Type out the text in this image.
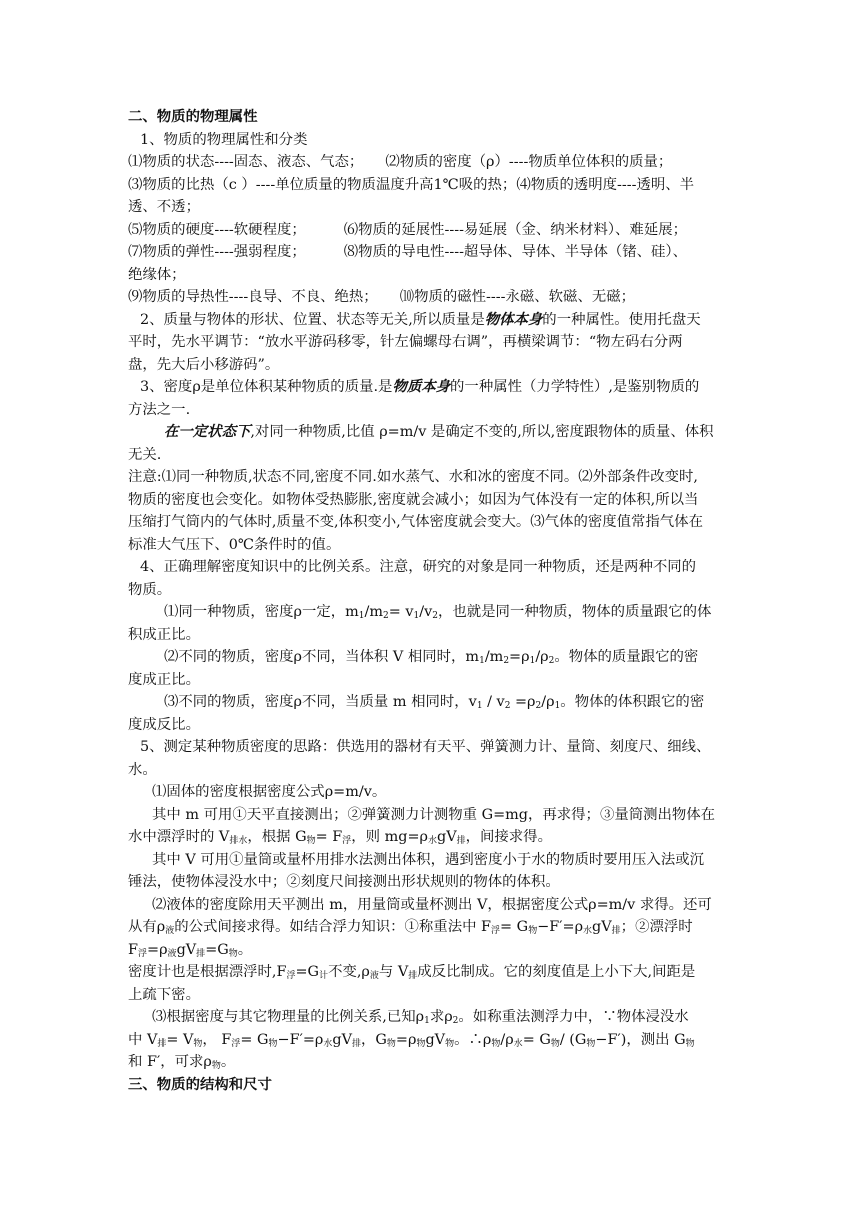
二、物质的物理属性
1、物质的物理属性和分类
⑴物质的状态----固态、液态、气态； ⑵物质的密度（ρ）----物质单位体积的质量；
⑶物质的比热（c ）----单位质量的物质温度升高1℃吸的热；⑷物质的透明度----透明、半
透、不透；
⑸物质的硬度----软硬程度；	⑹物质的延展性----易延展（金、纳米材料）、难延展；
⑺物质的弹性----强弱程度；	⑻物质的导电性----超导体、导体、半导体（锗、硅）、
绝缘体；
⑼物质的导热性----良导、不良、绝热； ⑽物质的磁性----永磁、软磁、无磁；
2、质量与物体的形状、位置、状态等无关,所以质量是物体本身的一种属性。使用托盘天
平时，先水平调节：“放水平游码移零，针左偏螺母右调”，再横梁调节：“物左码右分两
盘，先大后小移游码”。
3、密度ρ是单位体积某种物质的质量.是物质本身的一种属性（力学特性）,是鉴别物质的
方法之一.
在一定状态下,对同一种物质,比值 ρ=m/v 是确定不变的,所以,密度跟物体的质量、体积
无关.
注意:⑴同一种物质,状态不同,密度不同.如水蒸气、水和冰的密度不同。⑵外部条件改变时,
物质的密度也会变化。如物体受热膨胀,密度就会减小；如因为气体没有一定的体积,所以当
压缩打气筒内的气体时,质量不变,体积变小,气体密度就会变大。⑶气体的密度值常指气体在
标准大气压下、0℃条件时的值。
4、正确理解密度知识中的比例关系。注意，研究的对象是同一种物质，还是两种不同的
物质。
⑴同一种物质，密度ρ一定，$m_1/m_2= v_1/v_2$，也就是同一种物质，物体的质量跟它的体
积成正比。
⑵不同的物质，密度ρ不同，当体积 V 相同时，$m_1/m_2=\rho_1/\rho_2$。物体的质量跟它的密
度成正比。
⑶不同的物质，密度ρ不同，当质量 m 相同时，$v_1 / v_2 =\rho_2/\rho_1$。物体的体积跟它的密
度成反比。
5、测定某种物质密度的思路：供选用的器材有天平、弹簧测力计、量筒、刻度尺、细线、
水。
⑴固体的密度根据密度公式ρ=m/v。
其中 m 可用①天平直接测出；②弹簧测力计测物重 G=mg，再求得；③量筒测出物体在
水中漂浮时的 $V_{排水}$，根据 $G_物= F_浮$，则 $mg=\rho_水gV_排$，间接求得。
其中 V 可用①量筒或量杯用排水法测出体积，遇到密度小于水的物质时要用压入法或沉
锤法，使物体浸没水中；②刻度尺间接测出形状规则的物体的体积。
⑵液体的密度除用天平测出 m，用量筒或量杯测出 V，根据密度公式ρ=m/v 求得。还可
从有$\rho_液$的公式间接求得。如结合浮力知识：①称重法中 $F_浮= G_物-F'=\rho_水gV_排$；②漂浮时
$F_浮=\rho_液gV_排=G_物$。
密度计也是根据漂浮时$,F_浮=G_计$不变$,\rho_液$与 $V_排$成反比制成。它的刻度值是上小下大,间距是
上疏下密。
⑶根据密度与其它物理量的比例关系,已知$\rho_1$求$\rho_2$。如称重法测浮力中，∵物体浸没水
中 $V_排= V_物$， $F_浮= G_物-F'=\rho_水gV_排$，$G_物=\rho_物gV_物$。$\therefore\rho_物/\rho_水= G_物/$ $(G_物-F')$，测出 $G_物$
和 F′，可求$\rho_物$。
三、物质的结构和尺寸
